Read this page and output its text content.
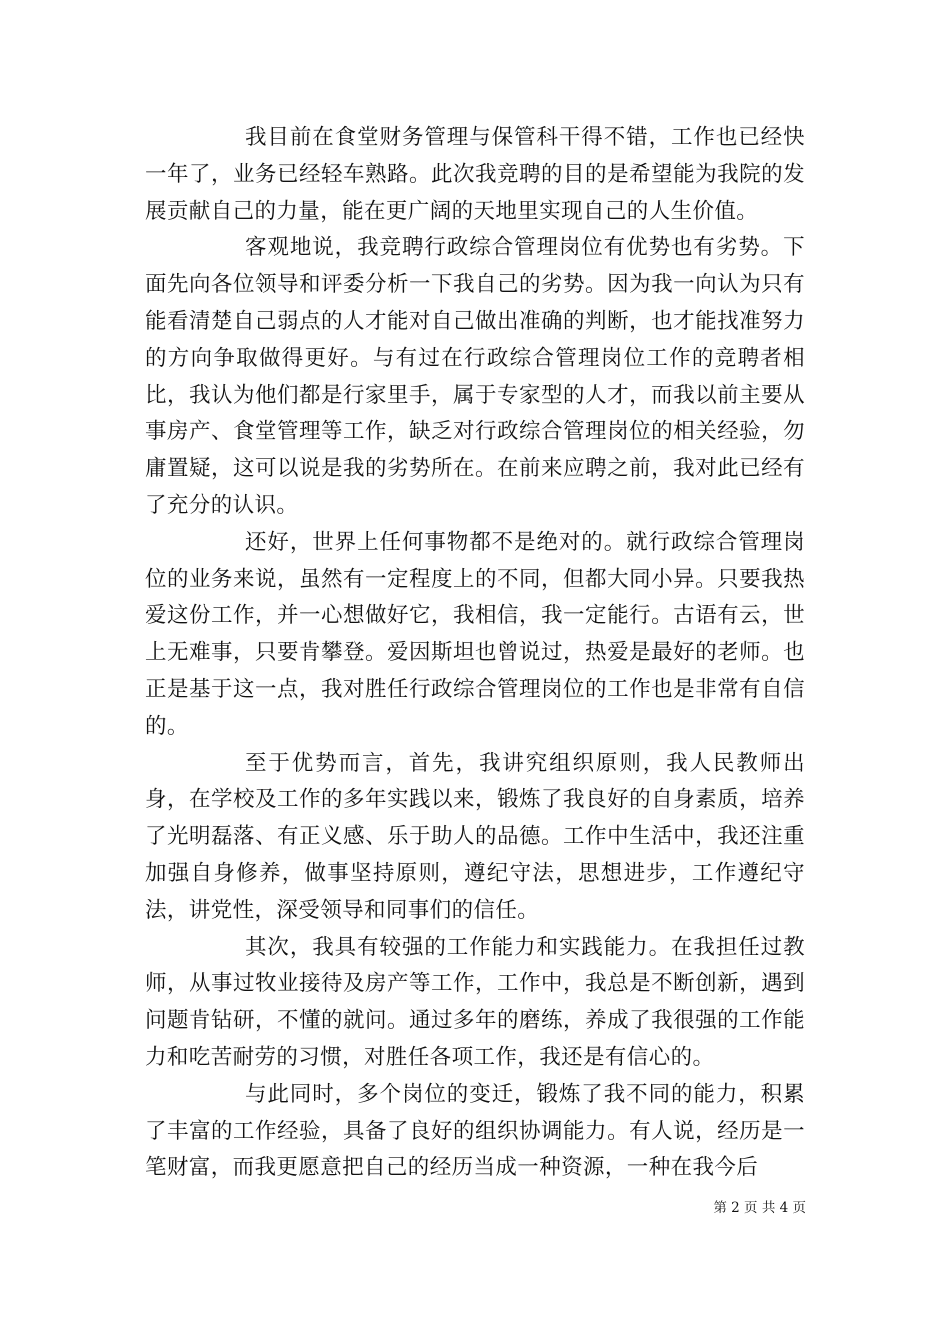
我目前在食堂财务管理与保管科干得不错，工作也已经快一年了，业务已经轻车熟路。此次我竞聘的目的是希望能为我院的发展贡献自己的力量，能在更广阔的天地里实现自己的人生价值。

客观地说，我竞聘行政综合管理岗位有优势也有劣势。下面先向各位领导和评委分析一下我自己的劣势。因为我一向认为只有能看清楚自己弱点的人才能对自己做出准确的判断，也才能找准努力的方向争取做得更好。与有过在行政综合管理岗位工作的竞聘者相比，我认为他们都是行家里手，属于专家型的人才，而我以前主要从事房产、食堂管理等工作，缺乏对行政综合管理岗位的相关经验，勿庸置疑，这可以说是我的劣势所在。在前来应聘之前，我对此已经有了充分的认识。

还好，世界上任何事物都不是绝对的。就行政综合管理岗位的业务来说，虽然有一定程度上的不同，但都大同小异。只要我热爱这份工作，并一心想做好它，我相信，我一定能行。古语有云，世上无难事，只要肯攀登。爱因斯坦也曾说过，热爱是最好的老师。也正是基于这一点，我对胜任行政综合管理岗位的工作也是非常有自信的。

至于优势而言，首先，我讲究组织原则，我人民教师出身，在学校及工作的多年实践以来，锻炼了我良好的自身素质，培养了光明磊落、有正义感、乐于助人的品德。工作中生活中，我还注重加强自身修养，做事坚持原则，遵纪守法，思想进步，工作遵纪守法，讲党性，深受领导和同事们的信任。

其次，我具有较强的工作能力和实践能力。在我担任过教师，从事过牧业接待及房产等工作，工作中，我总是不断创新，遇到问题肯钻研，不懂的就问。通过多年的磨练，养成了我很强的工作能力和吃苦耐劳的习惯，对胜任各项工作，我还是有信心的。

与此同时，多个岗位的变迁，锻炼了我不同的能力，积累了丰富的工作经验，具备了良好的组织协调能力。有人说，经历是一笔财富，而我更愿意把自己的经历当成一种资源，一种在我今后

第 2 页 共 4 页
